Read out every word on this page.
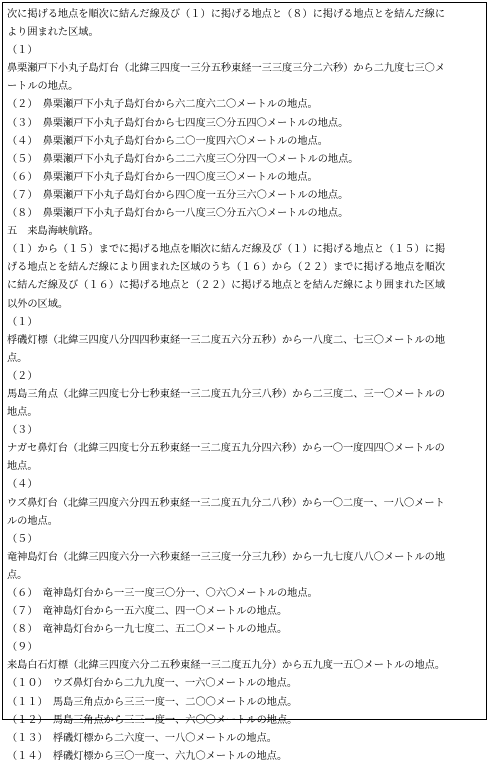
次に掲げる地点を順次に結んだ線及び（１）に掲げる地点と（８）に掲げる地点とを結んだ線に
より囲まれた区域。
（１）
鼻栗瀬戸下小丸子島灯台（北緯三四度一三分五秒東経一三三度三分二六秒）から二九度七三〇メ
ートルの地点。
（２）　鼻栗瀬戸下小丸子島灯台から六二度六二〇メートルの地点。
（３）　鼻栗瀬戸下小丸子島灯台から七四度三〇分五四〇メートルの地点。
（４）　鼻栗瀬戸下小丸子島灯台から二〇一度四六〇メートルの地点。
（５）　鼻栗瀬戸下小丸子島灯台から二二六度三〇分四一〇メートルの地点。
（６）　鼻栗瀬戸下小丸子島灯台から一四〇度三〇メートルの地点。
（７）　鼻栗瀬戸下小丸子島灯台から四〇度一五分三六〇メートルの地点。
（８）　鼻栗瀬戸下小丸子島灯台から一八度三〇分五六〇メートルの地点。
五　来島海峡航路。
（１）から（１５）までに掲げる地点を順次に結んだ線及び（１）に掲げる地点と（１５）に掲
げる地点とを結んだ線により囲まれた区域のうち（１６）から（２２）までに掲げる地点を順次
に結んだ線及び（１６）に掲げる地点と（２２）に掲げる地点とを結んだ線により囲まれた区域
以外の区域。
（１）
桴磯灯標（北緯三四度八分四四秒東経一三二度五六分五秒）から一八度二、七三〇メートルの地
点。
（２）
馬島三角点（北緯三四度七分七秒東経一三二度五九分三八秒）から二三度二、三一〇メートルの
地点。
（３）
ナガセ鼻灯台（北緯三四度七分五秒東経一三二度五九分四六秒）から一〇一度四四〇メートルの
地点。
（４）
ウズ鼻灯台（北緯三四度六分四五秒東経一三二度五九分二八秒）から一〇二度一、一八〇メート
ルの地点。
（５）
竜神島灯台（北緯三四度六分一六秒東経一三三度一分三九秒）から一九七度八八〇メートルの地
点。
（６）　竜神島灯台から一三一度三〇分一、〇六〇メートルの地点。
（７）　竜神島灯台から一五六度二、四一〇メートルの地点。
（８）　竜神島灯台から一九七度二、五二〇メートルの地点。
（９）
来島白石灯標（北緯三四度六分二五秒東経一三二度五九分）から五九度一五〇メートルの地点。
（１０）　ウズ鼻灯台から二九九度一、一六〇メートルの地点。
（１１）　馬島三角点から三三一度一、二〇〇メートルの地点。
（１２）　馬島三角点から三三一度一、六〇〇メートルの地点。
（１３）　桴磯灯標から二六度一、一八〇メートルの地点。
（１４）　桴磯灯標から三〇一度一、六九〇メートルの地点。
